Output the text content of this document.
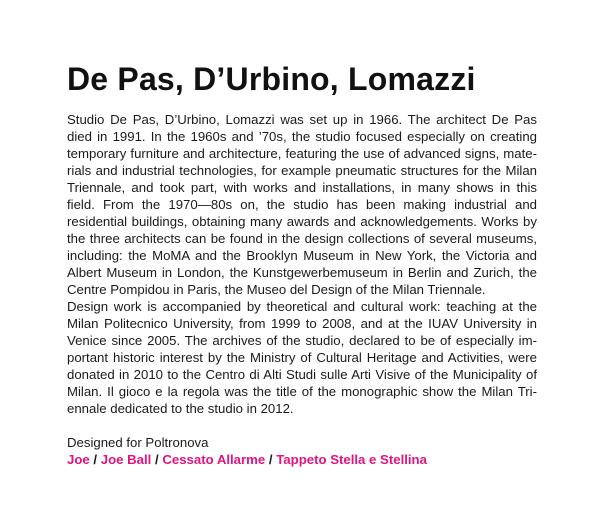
De Pas, D’Urbino, Lomazzi

Studio De Pas, D’Urbino, Lomazzi was set up in 1966. The architect De Pas died in 1991. In the 1960s and ’70s, the studio focused especially on creating temporary furniture and architecture, featuring the use of advanced signs, materials and industrial technologies, for example pneumatic structures for the Milan Triennale, and took part, with works and installations, in many shows in this field. From the 1970—80s on, the studio has been making industrial and residential buildings, obtaining many awards and acknowledgements. Works by the three architects can be found in the design collections of several museums, including: the MoMA and the Brooklyn Museum in New York, the Victoria and Albert Museum in London, the Kunstgewerbemuseum in Berlin and Zurich, the Centre Pompidou in Paris, the Museo del Design of the Milan Triennale.

Design work is accompanied by theoretical and cultural work: teaching at the Milan Politecnico University, from 1999 to 2008, and at the IUAV University in Venice since 2005. The archives of the studio, declared to be of especially important historic interest by the Ministry of Cultural Heritage and Activities, were donated in 2010 to the Centro di Alti Studi sulle Arti Visive of the Municipality of Milan. Il gioco e la regola was the title of the monographic show the Milan Triennale dedicated to the studio in 2012.

Designed for Poltronova

Joe / Joe Ball / Cessato Allarme / Tappeto Stella e Stellina
